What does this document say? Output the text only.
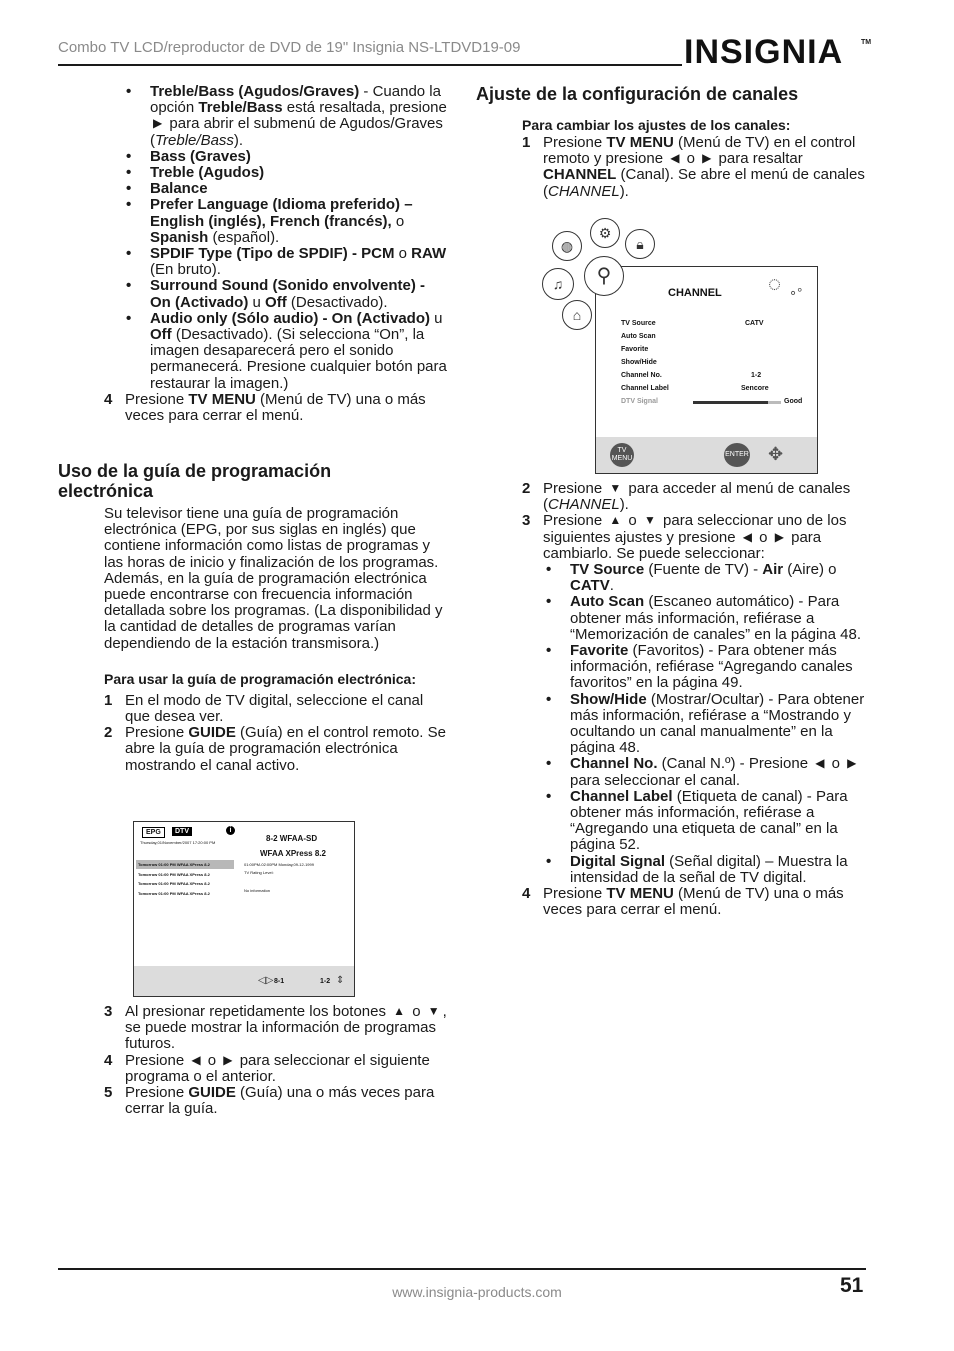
Combo TV LCD/reproductor de DVD de 19" Insignia NS-LTDVD19-09	INSIGNIA	TM

• Treble/Bass (Agudos/Graves) - Cuando la opción Treble/Bass está resaltada, presione ▶ para abrir el submenú de Agudos/Graves (Treble/Bass).

• Bass (Graves)

• Treble (Agudos)

• Balance

• Prefer Language (Idioma preferido) – English (inglés), French (francés), o Spanish (español).

• SPDIF Type (Tipo de SPDIF) - PCM o RAW (En bruto).

• Surround Sound (Sonido envolvente) - On (Activado) u Off (Desactivado).

• Audio only (Sólo audio) - On (Activado) u Off (Desactivado). (Si selecciona “On”, la imagen desaparecerá pero el sonido permanecerá. Presione cualquier botón para restaurar la imagen.)

4 Presione TV MENU (Menú de TV) una o más veces para cerrar el menú.

Uso de la guía de programación electrónica

Su televisor tiene una guía de programación electrónica (EPG, por sus siglas en inglés) que contiene información como listas de programas y las horas de inicio y finalización de los programas. Además, en la guía de programación electrónica puede encontrarse con frecuencia información detallada sobre los programas. (La disponibilidad y la cantidad de detalles de programas varían dependiendo de la estación transmisora.)

Para usar la guía de programación electrónica:

1 En el modo de TV digital, seleccione el canal que desea ver.

2 Presione GUIDE (Guía) en el control remoto. Se abre la guía de programación electrónica mostrando el canal activo.

EPG	DTV	i
Thursday,01/November/2007 17:20:00 PM	8-2 WFAA-SD
WFAA XPress 8.2
Tomorrow 01:00 PM WFAA XPress 8.2
Tomorrow 01:00 PM WFAA XPress 8.2
Tomorrow 01:00 PM WFAA XPress 8.2
01:00PM-02:00PM Monday,09-12-1999
TV Rating Level:
No information
Tomorrow 01:00 PM WFAA XPress 8.2
◁▷ 8-1	1-2 ⇕

3 Al presionar repetidamente los botones ▲ o ▼ , se puede mostrar la información de programas futuros.

4 Presione ◀ o ▶ para seleccionar el siguiente programa o el anterior.

5 Presione GUIDE (Guía) una o más veces para cerrar la guía.

Ajuste de la configuración de canales

Para cambiar los ajustes de los canales:

1 Presione TV MENU (Menú de TV) en el control remoto y presione ◀ o ▶ para resaltar CHANNEL (Canal). Se abre el menú de canales (CHANNEL).

CHANNEL ◌ ∘°
TV Source	CATV
Auto Scan
Favorite
Show/Hide
Channel No.	1-2
Channel Label	Sencore
DTV Signal	Good
TV MENU
ENTER ✥
◍
⚙
🔒︎
♫
⌂
⚲

2 Presione ▼ para acceder al menú de canales (CHANNEL).

3 Presione ▲ o ▼ para seleccionar uno de los siguientes ajustes y presione ◀ o ▶ para cambiarlo. Se puede seleccionar:

• TV Source (Fuente de TV) - Air (Aire) o CATV.

• Auto Scan (Escaneo automático) - Para obtener más información, refiérase a “Memorización de canales” en la página 48.

• Favorite (Favoritos) - Para obtener más información, refiérase “Agregando canales favoritos” en la página 49.

• Show/Hide (Mostrar/Ocultar) - Para obtener más información, refiérase a “Mostrando y ocultando un canal manualmente” en la página 48.

• Channel No. (Canal N.º) - Presione ◀ o ▶ para seleccionar el canal.

• Channel Label (Etiqueta de canal) - Para obtener más información, refiérase a “Agregando una etiqueta de canal” en la página 52.

• Digital Signal (Señal digital) – Muestra la intensidad de la señal de TV digital.

4 Presione TV MENU (Menú de TV) una o más veces para cerrar el menú.

www.insignia-products.com	51
